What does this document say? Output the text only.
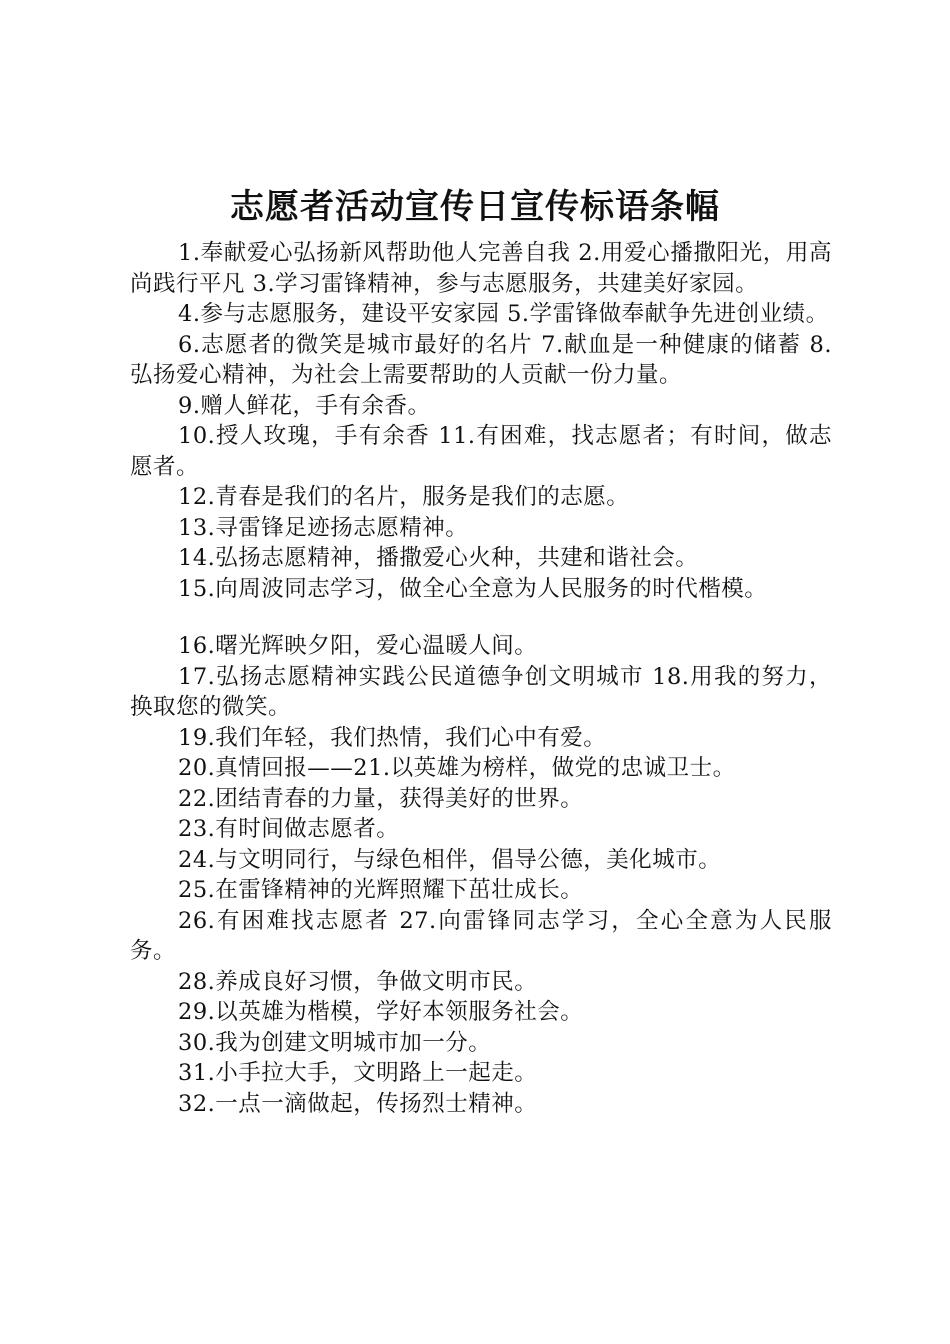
志愿者活动宣传日宣传标语条幅

1.奉献爱心弘扬新风帮助他人完善自我 2.用爱心播撒阳光，用高尚践行平凡 3.学习雷锋精神，参与志愿服务，共建美好家园。

4.参与志愿服务，建设平安家园 5.学雷锋做奉献争先进创业绩。

6.志愿者的微笑是城市最好的名片 7.献血是一种健康的储蓄 8.弘扬爱心精神，为社会上需要帮助的人贡献一份力量。

9.赠人鲜花，手有余香。

10.授人玫瑰，手有余香 11.有困难，找志愿者；有时间，做志愿者。

12.青春是我们的名片，服务是我们的志愿。

13.寻雷锋足迹扬志愿精神。

14.弘扬志愿精神，播撒爱心火种，共建和谐社会。

15.向周波同志学习，做全心全意为人民服务的时代楷模。

16.曙光辉映夕阳，爱心温暖人间。

17.弘扬志愿精神实践公民道德争创文明城市 18.用我的努力，换取您的微笑。

19.我们年轻，我们热情，我们心中有爱。

20.真情回报——21.以英雄为榜样，做党的忠诚卫士。

22.团结青春的力量，获得美好的世界。

23.有时间做志愿者。

24.与文明同行，与绿色相伴，倡导公德，美化城市。

25.在雷锋精神的光辉照耀下茁壮成长。

26.有困难找志愿者 27.向雷锋同志学习，全心全意为人民服务。

28.养成良好习惯，争做文明市民。

29.以英雄为楷模，学好本领服务社会。

30.我为创建文明城市加一分。

31.小手拉大手，文明路上一起走。

32.一点一滴做起，传扬烈士精神。
